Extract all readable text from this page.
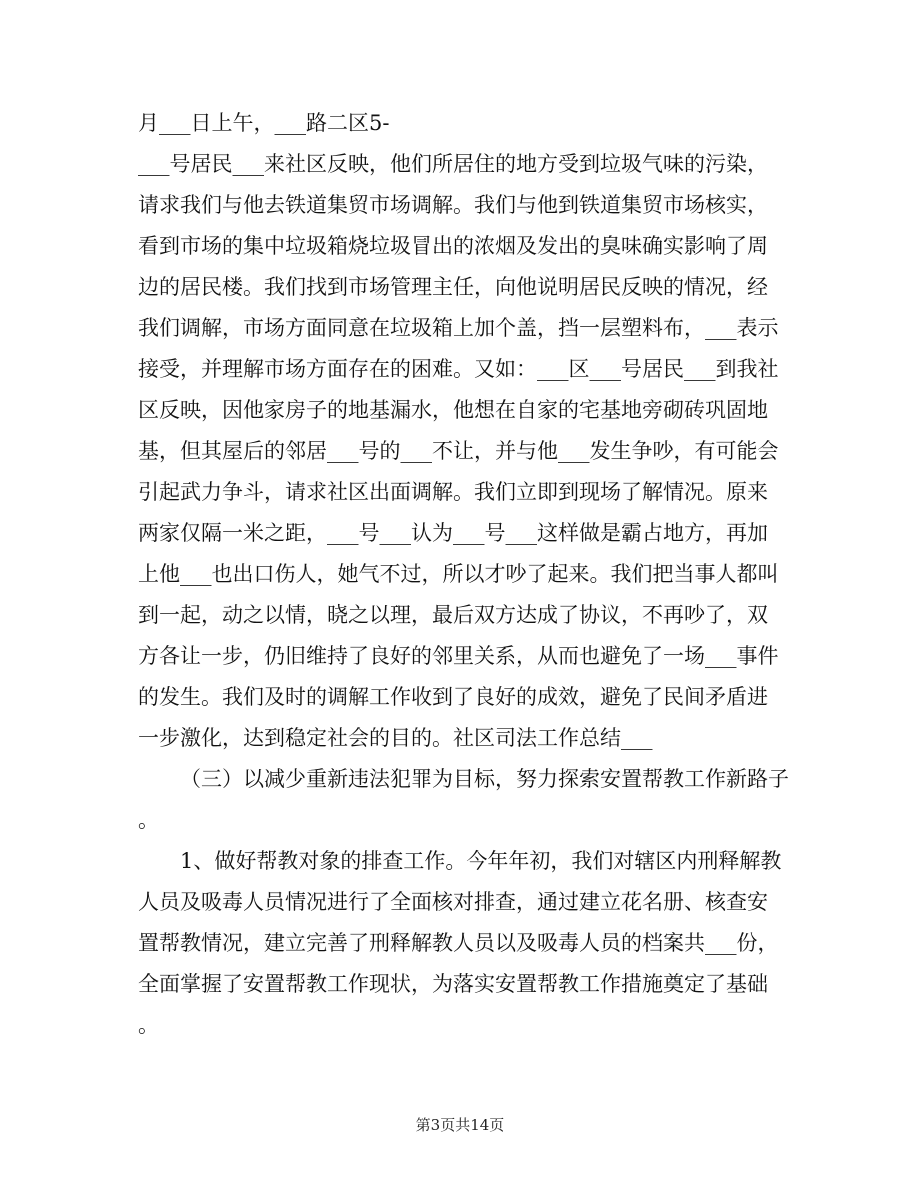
月___日上午，___路二区5-
___号居民___来社区反映，他们所居住的地方受到垃圾气味的污染，
请求我们与他去铁道集贸市场调解。我们与他到铁道集贸市场核实，
看到市场的集中垃圾箱烧垃圾冒出的浓烟及发出的臭味确实影响了周
边的居民楼。我们找到市场管理主任，向他说明居民反映的情况，经
我们调解，市场方面同意在垃圾箱上加个盖，挡一层塑料布，___表示
接受，并理解市场方面存在的困难。又如：___区___号居民___到我社
区反映，因他家房子的地基漏水，他想在自家的宅基地旁砌砖巩固地
基，但其屋后的邻居___号的___不让，并与他___发生争吵，有可能会
引起武力争斗，请求社区出面调解。我们立即到现场了解情况。原来
两家仅隔一米之距，___号___认为___号___这样做是霸占地方，再加
上他___也出口伤人，她气不过，所以才吵了起来。我们把当事人都叫
到一起，动之以情，晓之以理，最后双方达成了协议，不再吵了，双
方各让一步，仍旧维持了良好的邻里关系，从而也避免了一场___事件
的发生。我们及时的调解工作收到了良好的成效，避免了民间矛盾进
一步激化，达到稳定社会的目的。社区司法工作总结___
（三）以减少重新违法犯罪为目标，努力探索安置帮教工作新路子
。
1、做好帮教对象的排查工作。今年年初，我们对辖区内刑释解教
人员及吸毒人员情况进行了全面核对排查，通过建立花名册、核查安
置帮教情况，建立完善了刑释解教人员以及吸毒人员的档案共___份，
全面掌握了安置帮教工作现状，为落实安置帮教工作措施奠定了基础
。
第3页共14页
